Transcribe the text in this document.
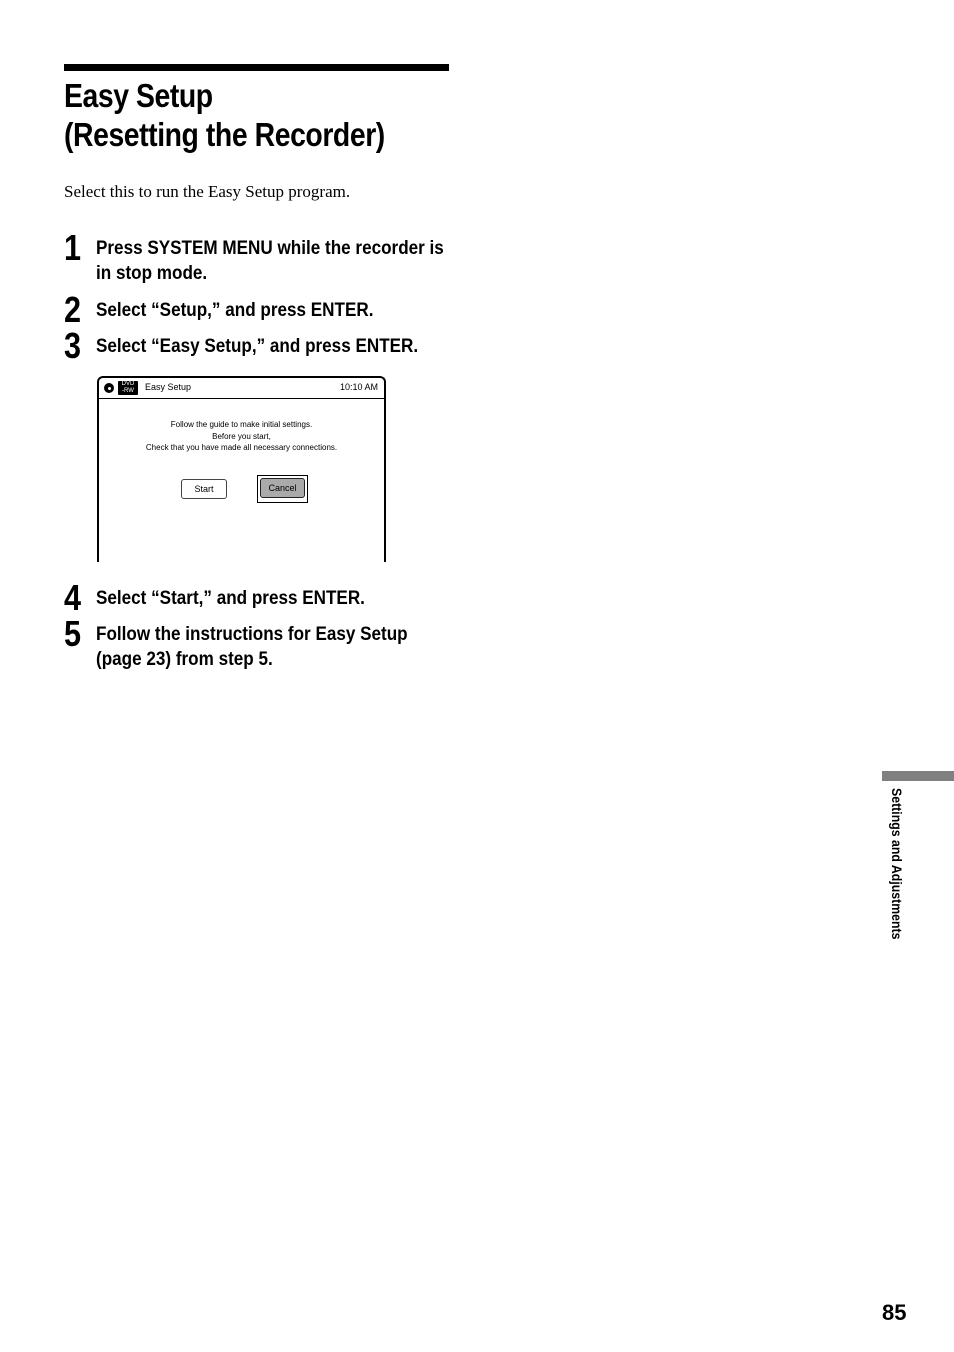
Easy Setup
(Resetting the Recorder)
Select this to run the Easy Setup program.
1 Press SYSTEM MENU while the recorder is in stop mode.
2 Select “Setup,” and press ENTER.
3 Select “Easy Setup,” and press ENTER.
DVD
-RW	Easy Setup	10:10 AM
Follow the guide to make initial settings.
Before you start,
Check that you have made all necessary connections.
Start	Cancel
4 Select “Start,” and press ENTER.
5 Follow the instructions for Easy Setup (page 23) from step 5.
Settings and Adjustments
85
